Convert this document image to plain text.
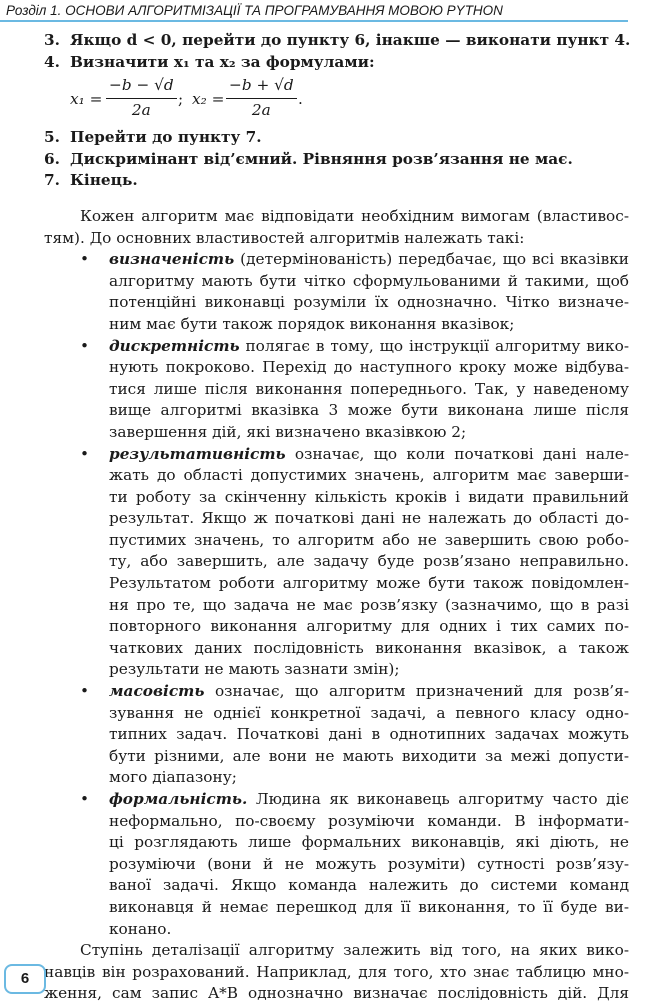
Розділ 1. ОСНОВИ АЛГОРИТМІЗАЦІЇ ТА ПРОГРАМУВАННЯ МОВОЮ PYTHON
3. Якщо d < 0, перейти до пункту 6, інакше — виконати пункт 4.
4. Визначити x₁ та x₂ за формулами:
$x_1 = \frac{-b - √d}{2a}$ ; $x_2 = \frac{-b + √d}{2a}$ .
5. Перейти до пункту 7.
6. Дискримінант від’ємний. Рівняння розв’язання не має.
7. Кінець.
Кожен алгоритм має відповідати необхідним вимогам (властивос-
тям). До основних властивостей алгоритмів належать такі:
• визначеність (детермінованість) передбачає, що всі вказівки
алгоритму мають бути чітко сформульованими й такими, щоб
потенційні виконавці розуміли їх однозначно. Чітко визначе-
ним має бути також порядок виконання вказівок;
• дискретність полягає в тому, що інструкції алгоритму вико-
нують покроково. Перехід до наступного кроку може відбува-
тися лише після виконання попереднього. Так, у наведеному
вище алгоритмі вказівка 3 може бути виконана лише після
завершення дій, які визначено вказівкою 2;
• результативність означає, що коли початкові дані нале-
жать до області допустимих значень, алгоритм має заверши-
ти роботу за скінченну кількість кроків і видати правильний
результат. Якщо ж початкові дані не належать до області до-
пустимих значень, то алгоритм або не завершить свою робо-
ту, або завершить, але задачу буде розв’язано неправильно.
Результатом роботи алгоритму може бути також повідомлен-
ня про те, що задача не має розв’язку (зазначимо, що в разі
повторного виконання алгоритму для одних і тих самих по-
чаткових даних послідовність виконання вказівок, а також
результати не мають зазнати змін);
• масовість означає, що алгоритм призначений для розв’я-
зування не однієї конкретної задачі, а певного класу одно-
типних задач. Початкові дані в однотипних задачах можуть
бути різними, але вони не мають виходити за межі допусти-
мого діапазону;
• формальність. Людина як виконавець алгоритму часто діє
неформально, по-своєму розуміючи команди. В інформати-
ці розглядають лише формальних виконавців, які діють, не
розуміючи (вони й не можуть розуміти) сутності розв’язу-
ваної задачі. Якщо команда належить до системи команд
виконавця й немає перешкод для її виконання, то її буде ви-
конано.
Ступінь деталізації алгоритму залежить від того, на яких вико-
навців він розрахований. Наприклад, для того, хто знає таблицю мно-
ження, сам запис A*B однозначно визначає послідовність дій. Для
6
